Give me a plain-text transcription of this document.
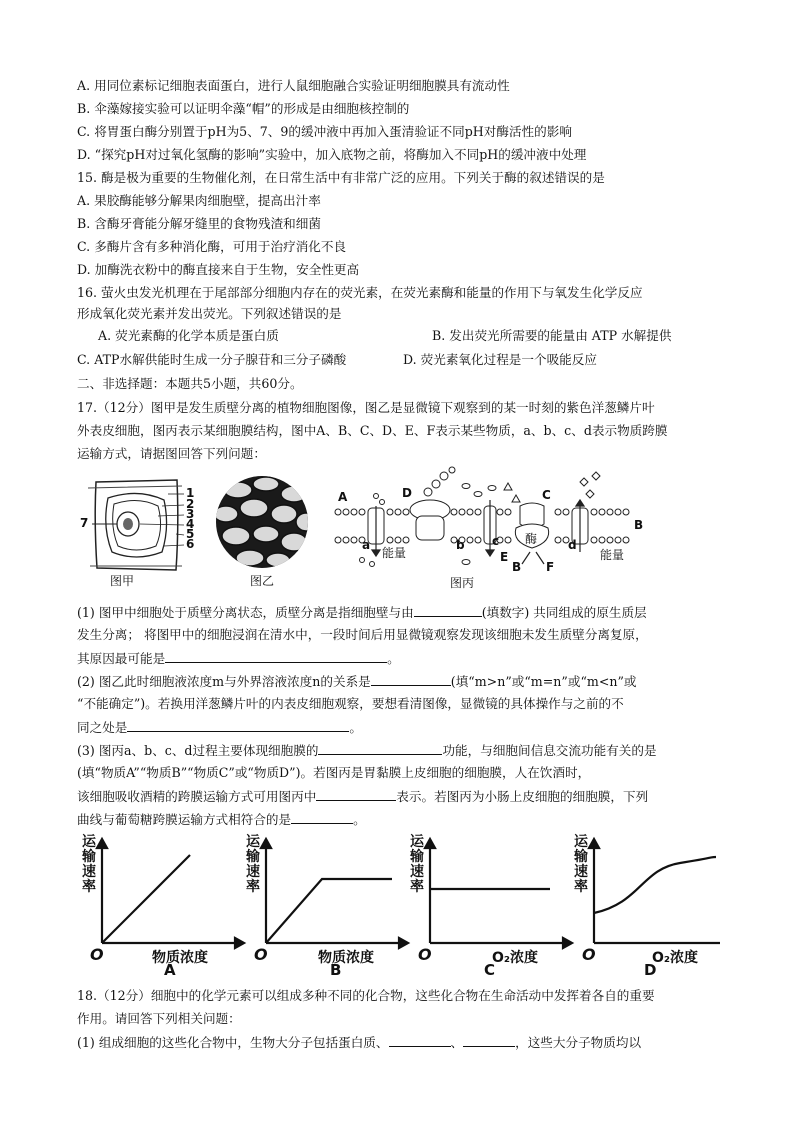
A. 用同位素标记细胞表面蛋白，进行人鼠细胞融合实验证明细胞膜具有流动性
B. 伞藻嫁接实验可以证明伞藻“帽”的形成是由细胞核控制的
C. 将胃蛋白酶分别置于pH为5、7、9的缓冲液中再加入蛋清验证不同pH对酶活性的影响
D. “探究pH对过氧化氢酶的影响”实验中，加入底物之前，将酶加入不同pH的缓冲液中处理
15. 酶是极为重要的生物催化剂，在日常生活中有非常广泛的应用。下列关于酶的叙述错误的是
A. 果胶酶能够分解果肉细胞壁，提高出汁率
B. 含酶牙膏能分解牙缝里的食物残渣和细菌
C. 多酶片含有多种消化酶，可用于治疗消化不良
D. 加酶洗衣粉中的酶直接来自于生物，安全性更高
16. 萤火虫发光机理在于尾部部分细胞内存在的荧光素，在荧光素酶和能量的作用下与氧发生化学反应
形成氧化荧光素并发出荧光。下列叙述错误的是
A. 荧光素酶的化学本质是蛋白质	B. 发出荧光所需要的能量由 ATP 水解提供
C. ATP水解供能时生成一分子腺苷和三分子磷酸	D. 荧光素氧化过程是一个吸能反应
二、非选择题：本题共5小题，共60分。
17.（12分）图甲是发生质壁分离的植物细胞图像，图乙是显微镜下观察到的某一时刻的紫色洋葱鳞片叶
外表皮细胞，图丙表示某细胞膜结构，图中A、B、C、D、E、F表示某些物质，a、b、c、d表示物质跨膜
运输方式，请据图回答下列问题：
1
2
3
4
5
6
7
图甲	图乙
A	D	C
B
B
E
F
a	b c	d
能量	能量
酶
图丙
(1) 图甲中细胞处于质壁分离状态，质壁分离是指细胞壁与由	(填数字) 共同组成的原生质层
发生分离； 将图甲中的细胞浸润在清水中，一段时间后用显微镜观察发现该细胞未发生质壁分离复原，
其原因最可能是	。
(2) 图乙此时细胞液浓度m与外界溶液浓度n的关系是	(填“m>n”或“m=n”或“m<n”或
“不能确定”)。若换用洋葱鳞片叶的内表皮细胞观察，要想看清图像，显微镜的具体操作与之前的不
同之处是	。
(3) 图丙a、b、c、d过程主要体现细胞膜的	功能，与细胞间信息交流功能有关的是
(填“物质A”“物质B”“物质C”或“物质D”)。若图丙是胃黏膜上皮细胞的细胞膜，人在饮酒时，
该细胞吸收酒精的跨膜运输方式可用图丙中	表示。若图丙为小肠上皮细胞的细胞膜，下列
曲线与葡萄糖跨膜运输方式相符合的是	。
运输速率
物质浓度
O
A
运输速率
物质浓度
O
B
运输速率
O₂浓度
O
C
运输速率
O₂浓度
O
D
18.（12分）细胞中的化学元素可以组成多种不同的化合物，这些化合物在生命活动中发挥着各自的重要
作用。请回答下列相关问题：
(1) 组成细胞的这些化合物中，生物大分子包括蛋白质、	、	，这些大分子物质均以
